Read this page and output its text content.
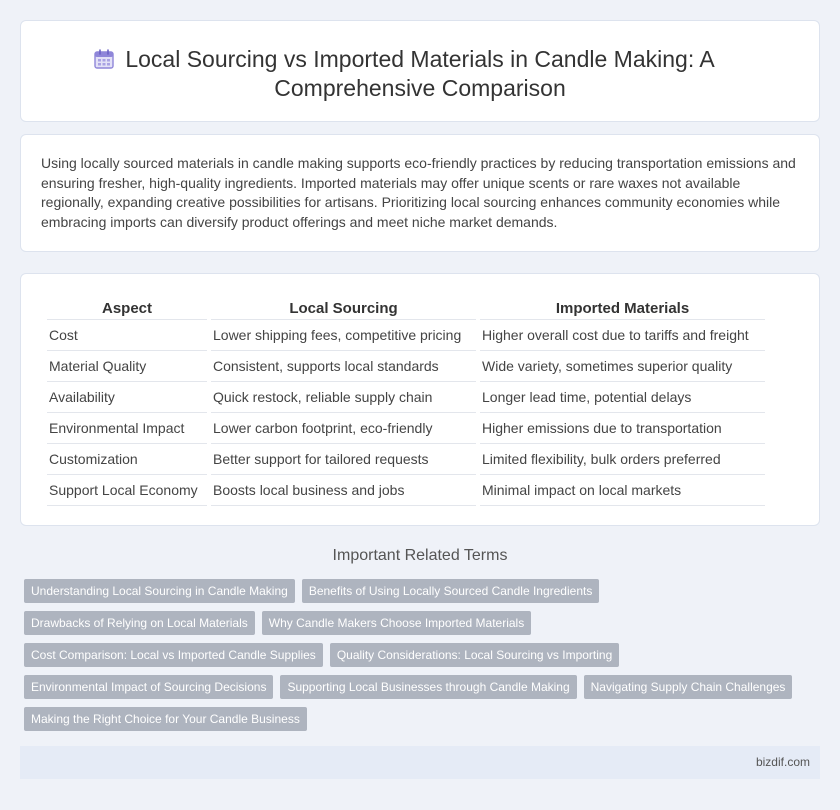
Local Sourcing vs Imported Materials in Candle Making: A Comprehensive Comparison

Using locally sourced materials in candle making supports eco-friendly practices by reducing transportation emissions and ensuring fresher, high-quality ingredients. Imported materials may offer unique scents or rare waxes not available regionally, expanding creative possibilities for artisans. Prioritizing local sourcing enhances community economies while embracing imports can diversify product offerings and meet niche market demands.

Aspect	Local Sourcing	Imported Materials
Cost	Lower shipping fees, competitive pricing	Higher overall cost due to tariffs and freight
Material Quality	Consistent, supports local standards	Wide variety, sometimes superior quality
Availability	Quick restock, reliable supply chain	Longer lead time, potential delays
Environmental Impact	Lower carbon footprint, eco-friendly	Higher emissions due to transportation
Customization	Better support for tailored requests	Limited flexibility, bulk orders preferred
Support Local Economy	Boosts local business and jobs	Minimal impact on local markets
Important Related Terms
Understanding Local Sourcing in Candle Making	Benefits of Using Locally Sourced Candle Ingredients
Drawbacks of Relying on Local Materials	Why Candle Makers Choose Imported Materials
Cost Comparison: Local vs Imported Candle Supplies	Quality Considerations: Local Sourcing vs Importing
Environmental Impact of Sourcing Decisions	Supporting Local Businesses through Candle Making	Navigating Supply Chain Challenges
Making the Right Choice for Your Candle Business
bizdif.com
